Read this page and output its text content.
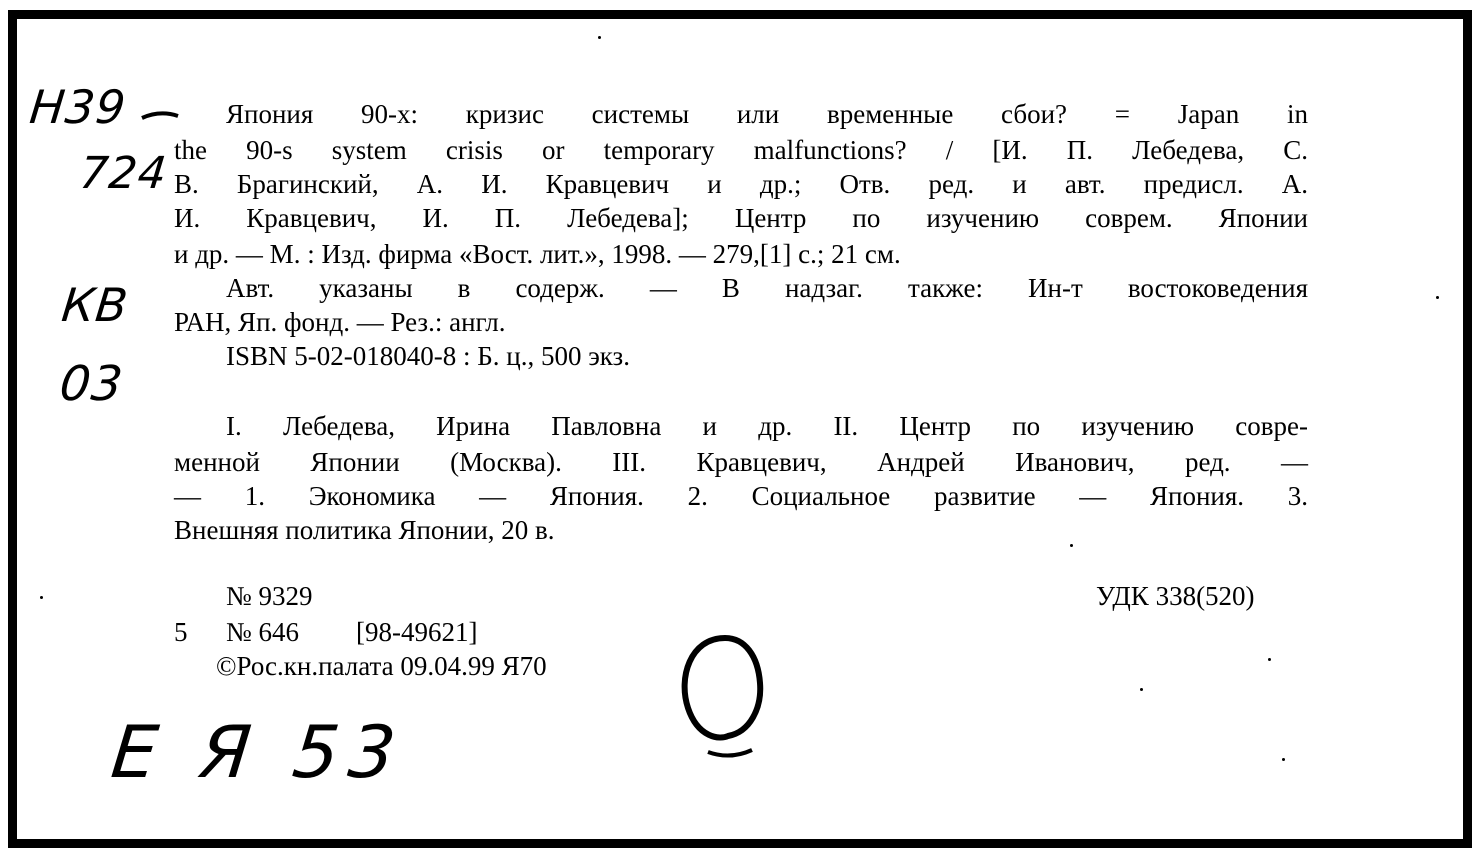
Н39
724
КВ
03
Е Я 53
Япония 90-х: кризис системы или временные сбои? = Japan in
the 90-s system crisis or temporary malfunctions? / [И. П. Лебедева, С.
В. Брагинский, А. И. Кравцевич и др.; Отв. ред. и авт. предисл. А.
И. Кравцевич, И. П. Лебедева]; Центр по изучению соврем. Японии
и др. — М. : Изд. фирма «Вост. лит.», 1998. — 279,[1] с.; 21 см.
Авт. указаны в содерж. — В надзаг. также: Ин-т востоковедения
РАН, Яп. фонд. — Рез.: англ.
ISBN 5-02-018040-8 : Б. ц., 500 экз.
I. Лебедева, Ирина Павловна и др. II. Центр по изучению совре-
менной Японии (Москва). III. Кравцевич, Андрей Иванович, ред. —
— 1. Экономика — Япония. 2. Социальное развитие — Япония. 3.
Внешняя политика Японии, 20 в.
№ 9329	УДК 338(520)
5 № 646 [98-49621]
©Рос.кн.палата 09.04.99 Я70
